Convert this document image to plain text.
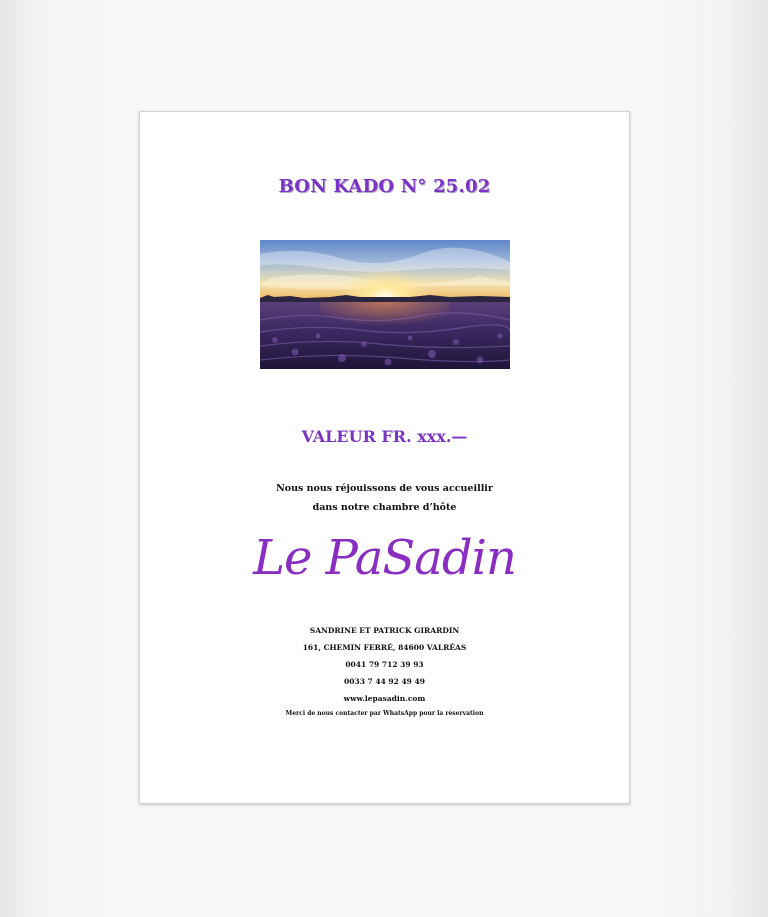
BON KADO N° 25.02
VALEUR FR. xxx.—
Nous nous réjouissons de vous accueillir
dans notre chambre d’hôte
Le PaSadin
SANDRINE ET PATRICK GIRARDIN
161, CHEMIN FERRÉ, 84600 VALRÉAS
0041 79 712 39 93
0033 7 44 92 49 49
www.lepasadin.com
Merci de nous contacter par WhatsApp pour la réservation
